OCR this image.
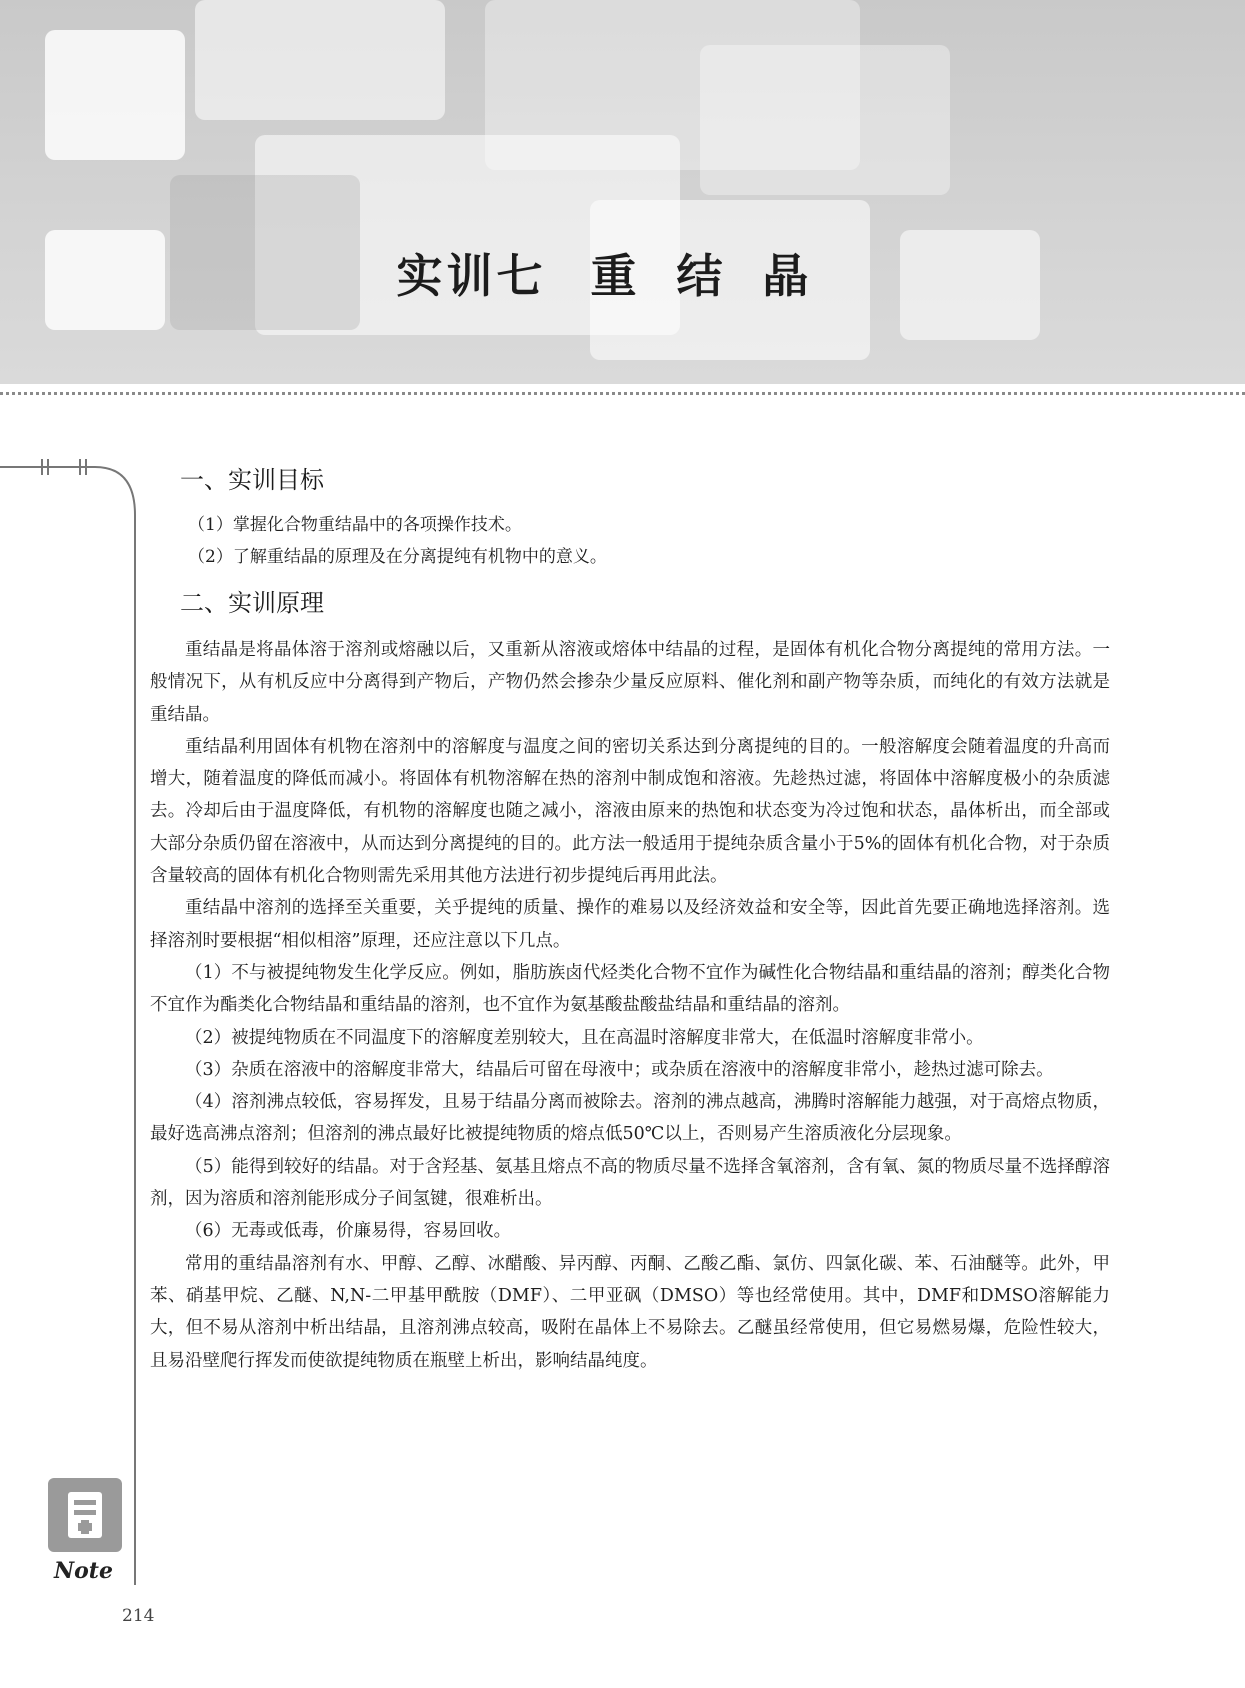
实训七 重结晶
Note
214
一、实训目标

（1）掌握化合物重结晶中的各项操作技术。

（2）了解重结晶的原理及在分离提纯有机物中的意义。

二、实训原理

重结晶是将晶体溶于溶剂或熔融以后，又重新从溶液或熔体中结晶的过程，是固体有机化合物分离提纯的常用方法。一般情况下，从有机反应中分离得到产物后，产物仍然会掺杂少量反应原料、催化剂和副产物等杂质，而纯化的有效方法就是重结晶。

重结晶利用固体有机物在溶剂中的溶解度与温度之间的密切关系达到分离提纯的目的。一般溶解度会随着温度的升高而增大，随着温度的降低而减小。将固体有机物溶解在热的溶剂中制成饱和溶液。先趁热过滤，将固体中溶解度极小的杂质滤去。冷却后由于温度降低，有机物的溶解度也随之减小，溶液由原来的热饱和状态变为冷过饱和状态，晶体析出，而全部或大部分杂质仍留在溶液中，从而达到分离提纯的目的。此方法一般适用于提纯杂质含量小于5%的固体有机化合物，对于杂质含量较高的固体有机化合物则需先采用其他方法进行初步提纯后再用此法。

重结晶中溶剂的选择至关重要，关乎提纯的质量、操作的难易以及经济效益和安全等，因此首先要正确地选择溶剂。选择溶剂时要根据“相似相溶”原理，还应注意以下几点。

（1）不与被提纯物发生化学反应。例如，脂肪族卤代烃类化合物不宜作为碱性化合物结晶和重结晶的溶剂；醇类化合物不宜作为酯类化合物结晶和重结晶的溶剂，也不宜作为氨基酸盐酸盐结晶和重结晶的溶剂。

（2）被提纯物质在不同温度下的溶解度差别较大，且在高温时溶解度非常大，在低温时溶解度非常小。

（3）杂质在溶液中的溶解度非常大，结晶后可留在母液中；或杂质在溶液中的溶解度非常小，趁热过滤可除去。

（4）溶剂沸点较低，容易挥发，且易于结晶分离而被除去。溶剂的沸点越高，沸腾时溶解能力越强，对于高熔点物质，最好选高沸点溶剂；但溶剂的沸点最好比被提纯物质的熔点低50℃以上，否则易产生溶质液化分层现象。

（5）能得到较好的结晶。对于含羟基、氨基且熔点不高的物质尽量不选择含氧溶剂，含有氧、氮的物质尽量不选择醇溶剂，因为溶质和溶剂能形成分子间氢键，很难析出。

（6）无毒或低毒，价廉易得，容易回收。

常用的重结晶溶剂有水、甲醇、乙醇、冰醋酸、异丙醇、丙酮、乙酸乙酯、氯仿、四氯化碳、苯、石油醚等。此外，甲苯、硝基甲烷、乙醚、N,N-二甲基甲酰胺（DMF）、二甲亚砜（DMSO）等也经常使用。其中，DMF和DMSO溶解能力大，但不易从溶剂中析出结晶，且溶剂沸点较高，吸附在晶体上不易除去。乙醚虽经常使用，但它易燃易爆，危险性较大，且易沿壁爬行挥发而使欲提纯物质在瓶壁上析出，影响结晶纯度。
